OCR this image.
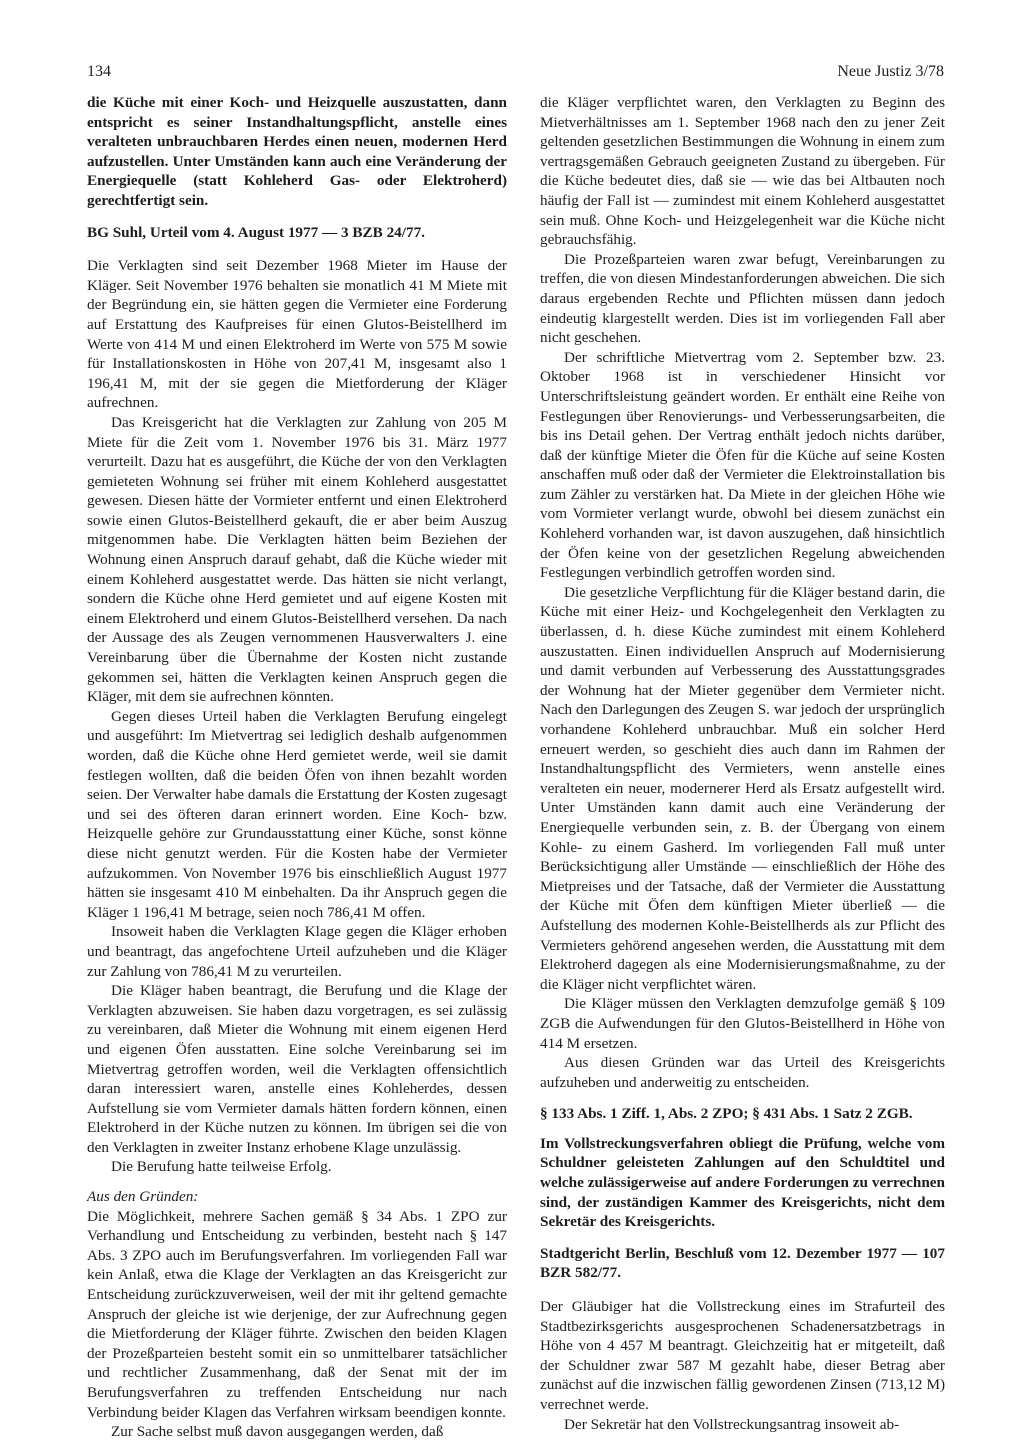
134	Neue Justiz 3/78

die Küche mit einer Koch- und Heizquelle auszustatten, dann entspricht es seiner Instandhaltungspflicht, anstelle eines veralteten unbrauchbaren Herdes einen neuen, modernen Herd aufzustellen. Unter Umständen kann auch eine Veränderung der Energiequelle (statt Kohleherd Gas- oder Elektroherd) gerechtfertigt sein.

BG Suhl, Urteil vom 4. August 1977 — 3 BZB 24/77.

Die Verklagten sind seit Dezember 1968 Mieter im Hause der Kläger. Seit November 1976 behalten sie monatlich 41 M Miete mit der Begründung ein, sie hätten gegen die Vermieter eine Forderung auf Erstattung des Kaufpreises für einen Glutos-Beistellherd im Werte von 414 M und einen Elektroherd im Werte von 575 M sowie für Installationskosten in Höhe von 207,41 M, insgesamt also 1 196,41 M, mit der sie gegen die Mietforderung der Kläger aufrechnen.

Das Kreisgericht hat die Verklagten zur Zahlung von 205 M Miete für die Zeit vom 1. November 1976 bis 31. März 1977 verurteilt. Dazu hat es ausgeführt, die Küche der von den Verklagten gemieteten Wohnung sei früher mit einem Kohleherd ausgestattet gewesen. Diesen hätte der Vormieter entfernt und einen Elektroherd sowie einen Glutos-Beistellherd gekauft, die er aber beim Auszug mitgenommen habe. Die Verklagten hätten beim Beziehen der Wohnung einen Anspruch darauf gehabt, daß die Küche wieder mit einem Kohleherd ausgestattet werde. Das hätten sie nicht verlangt, sondern die Küche ohne Herd gemietet und auf eigene Kosten mit einem Elektroherd und einem Glutos-Beistellherd versehen. Da nach der Aussage des als Zeugen vernommenen Hausverwalters J. eine Vereinbarung über die Übernahme der Kosten nicht zustande gekommen sei, hätten die Verklagten keinen Anspruch gegen die Kläger, mit dem sie aufrechnen könnten.

Gegen dieses Urteil haben die Verklagten Berufung eingelegt und ausgeführt: Im Mietvertrag sei lediglich deshalb aufgenommen worden, daß die Küche ohne Herd gemietet werde, weil sie damit festlegen wollten, daß die beiden Öfen von ihnen bezahlt worden seien. Der Verwalter habe damals die Erstattung der Kosten zugesagt und sei des öfteren daran erinnert worden. Eine Koch- bzw. Heizquelle gehöre zur Grundausstattung einer Küche, sonst könne diese nicht genutzt werden. Für die Kosten habe der Vermieter aufzukommen. Von November 1976 bis einschließlich August 1977 hätten sie insgesamt 410 M einbehalten. Da ihr Anspruch gegen die Kläger 1 196,41 M betrage, seien noch 786,41 M offen.

Insoweit haben die Verklagten Klage gegen die Kläger erhoben und beantragt, das angefochtene Urteil aufzuheben und die Kläger zur Zahlung von 786,41 M zu verurteilen.

Die Kläger haben beantragt, die Berufung und die Klage der Verklagten abzuweisen. Sie haben dazu vorgetragen, es sei zulässig zu vereinbaren, daß Mieter die Wohnung mit einem eigenen Herd und eigenen Öfen ausstatten. Eine solche Vereinbarung sei im Mietvertrag getroffen worden, weil die Verklagten offensichtlich daran interessiert waren, anstelle eines Kohleherdes, dessen Aufstellung sie vom Vermieter damals hätten fordern können, einen Elektroherd in der Küche nutzen zu können. Im übrigen sei die von den Verklagten in zweiter Instanz erhobene Klage unzulässig.

Die Berufung hatte teilweise Erfolg.

Aus den Gründen:

Die Möglichkeit, mehrere Sachen gemäß § 34 Abs. 1 ZPO zur Verhandlung und Entscheidung zu verbinden, besteht nach § 147 Abs. 3 ZPO auch im Berufungsverfahren. Im vorliegenden Fall war kein Anlaß, etwa die Klage der Verklagten an das Kreisgericht zur Entscheidung zurückzuverweisen, weil der mit ihr geltend gemachte Anspruch der gleiche ist wie derjenige, der zur Aufrechnung gegen die Mietforderung der Kläger führte. Zwischen den beiden Klagen der Prozeßparteien besteht somit ein so unmittelbarer tatsächlicher und rechtlicher Zusammenhang, daß der Senat mit der im Berufungsverfahren zu treffenden Entscheidung nur nach Verbindung beider Klagen das Verfahren wirksam beendigen konnte.

Zur Sache selbst muß davon ausgegangen werden, daß

die Kläger verpflichtet waren, den Verklagten zu Beginn des Mietverhältnisses am 1. September 1968 nach den zu jener Zeit geltenden gesetzlichen Bestimmungen die Wohnung in einem zum vertragsgemäßen Gebrauch geeigneten Zustand zu übergeben. Für die Küche bedeutet dies, daß sie — wie das bei Altbauten noch häufig der Fall ist — zumindest mit einem Kohleherd ausgestattet sein muß. Ohne Koch- und Heizgelegenheit war die Küche nicht gebrauchsfähig.

Die Prozeßparteien waren zwar befugt, Vereinbarungen zu treffen, die von diesen Mindestanforderungen abweichen. Die sich daraus ergebenden Rechte und Pflichten müssen dann jedoch eindeutig klargestellt werden. Dies ist im vorliegenden Fall aber nicht geschehen.

Der schriftliche Mietvertrag vom 2. September bzw. 23. Oktober 1968 ist in verschiedener Hinsicht vor Unterschriftsleistung geändert worden. Er enthält eine Reihe von Festlegungen über Renovierungs- und Verbesserungsarbeiten, die bis ins Detail gehen. Der Vertrag enthält jedoch nichts darüber, daß der künftige Mieter die Öfen für die Küche auf seine Kosten anschaffen muß oder daß der Vermieter die Elektroinstallation bis zum Zähler zu verstärken hat. Da Miete in der gleichen Höhe wie vom Vormieter verlangt wurde, obwohl bei diesem zunächst ein Kohleherd vorhanden war, ist davon auszugehen, daß hinsichtlich der Öfen keine von der gesetzlichen Regelung abweichenden Festlegungen verbindlich getroffen worden sind.

Die gesetzliche Verpflichtung für die Kläger bestand darin, die Küche mit einer Heiz- und Kochgelegenheit den Verklagten zu überlassen, d. h. diese Küche zumindest mit einem Kohleherd auszustatten. Einen individuellen Anspruch auf Modernisierung und damit verbunden auf Verbesserung des Ausstattungsgrades der Wohnung hat der Mieter gegenüber dem Vermieter nicht. Nach den Darlegungen des Zeugen S. war jedoch der ursprünglich vorhandene Kohleherd unbrauchbar. Muß ein solcher Herd erneuert werden, so geschieht dies auch dann im Rahmen der Instandhaltungspflicht des Vermieters, wenn anstelle eines veralteten ein neuer, modernerer Herd als Ersatz aufgestellt wird. Unter Umständen kann damit auch eine Veränderung der Energiequelle verbunden sein, z. B. der Übergang von einem Kohle- zu einem Gasherd. Im vorliegenden Fall muß unter Berücksichtigung aller Umstände — einschließlich der Höhe des Mietpreises und der Tatsache, daß der Vermieter die Ausstattung der Küche mit Öfen dem künftigen Mieter überließ — die Aufstellung des modernen Kohle-Beistellherds als zur Pflicht des Vermieters gehörend angesehen werden, die Ausstattung mit dem Elektroherd dagegen als eine Modernisierungsmaßnahme, zu der die Kläger nicht verpflichtet wären.

Die Kläger müssen den Verklagten demzufolge gemäß § 109 ZGB die Aufwendungen für den Glutos-Beistellherd in Höhe von 414 M ersetzen.

Aus diesen Gründen war das Urteil des Kreisgerichts aufzuheben und anderweitig zu entscheiden.

§ 133 Abs. 1 Ziff. 1, Abs. 2 ZPO; § 431 Abs. 1 Satz 2 ZGB.

Im Vollstreckungsverfahren obliegt die Prüfung, welche vom Schuldner geleisteten Zahlungen auf den Schuldtitel und welche zulässigerweise auf andere Forderungen zu verrechnen sind, der zuständigen Kammer des Kreisgerichts, nicht dem Sekretär des Kreisgerichts.

Stadtgericht Berlin, Beschluß vom 12. Dezember 1977 — 107 BZR 582/77.

Der Gläubiger hat die Vollstreckung eines im Strafurteil des Stadtbezirksgerichts ausgesprochenen Schadenersatzbetrags in Höhe von 4 457 M beantragt. Gleichzeitig hat er mitgeteilt, daß der Schuldner zwar 587 M gezahlt habe, dieser Betrag aber zunächst auf die inzwischen fällig gewordenen Zinsen (713,12 M) verrechnet werde.

Der Sekretär hat den Vollstreckungsantrag insoweit ab-
